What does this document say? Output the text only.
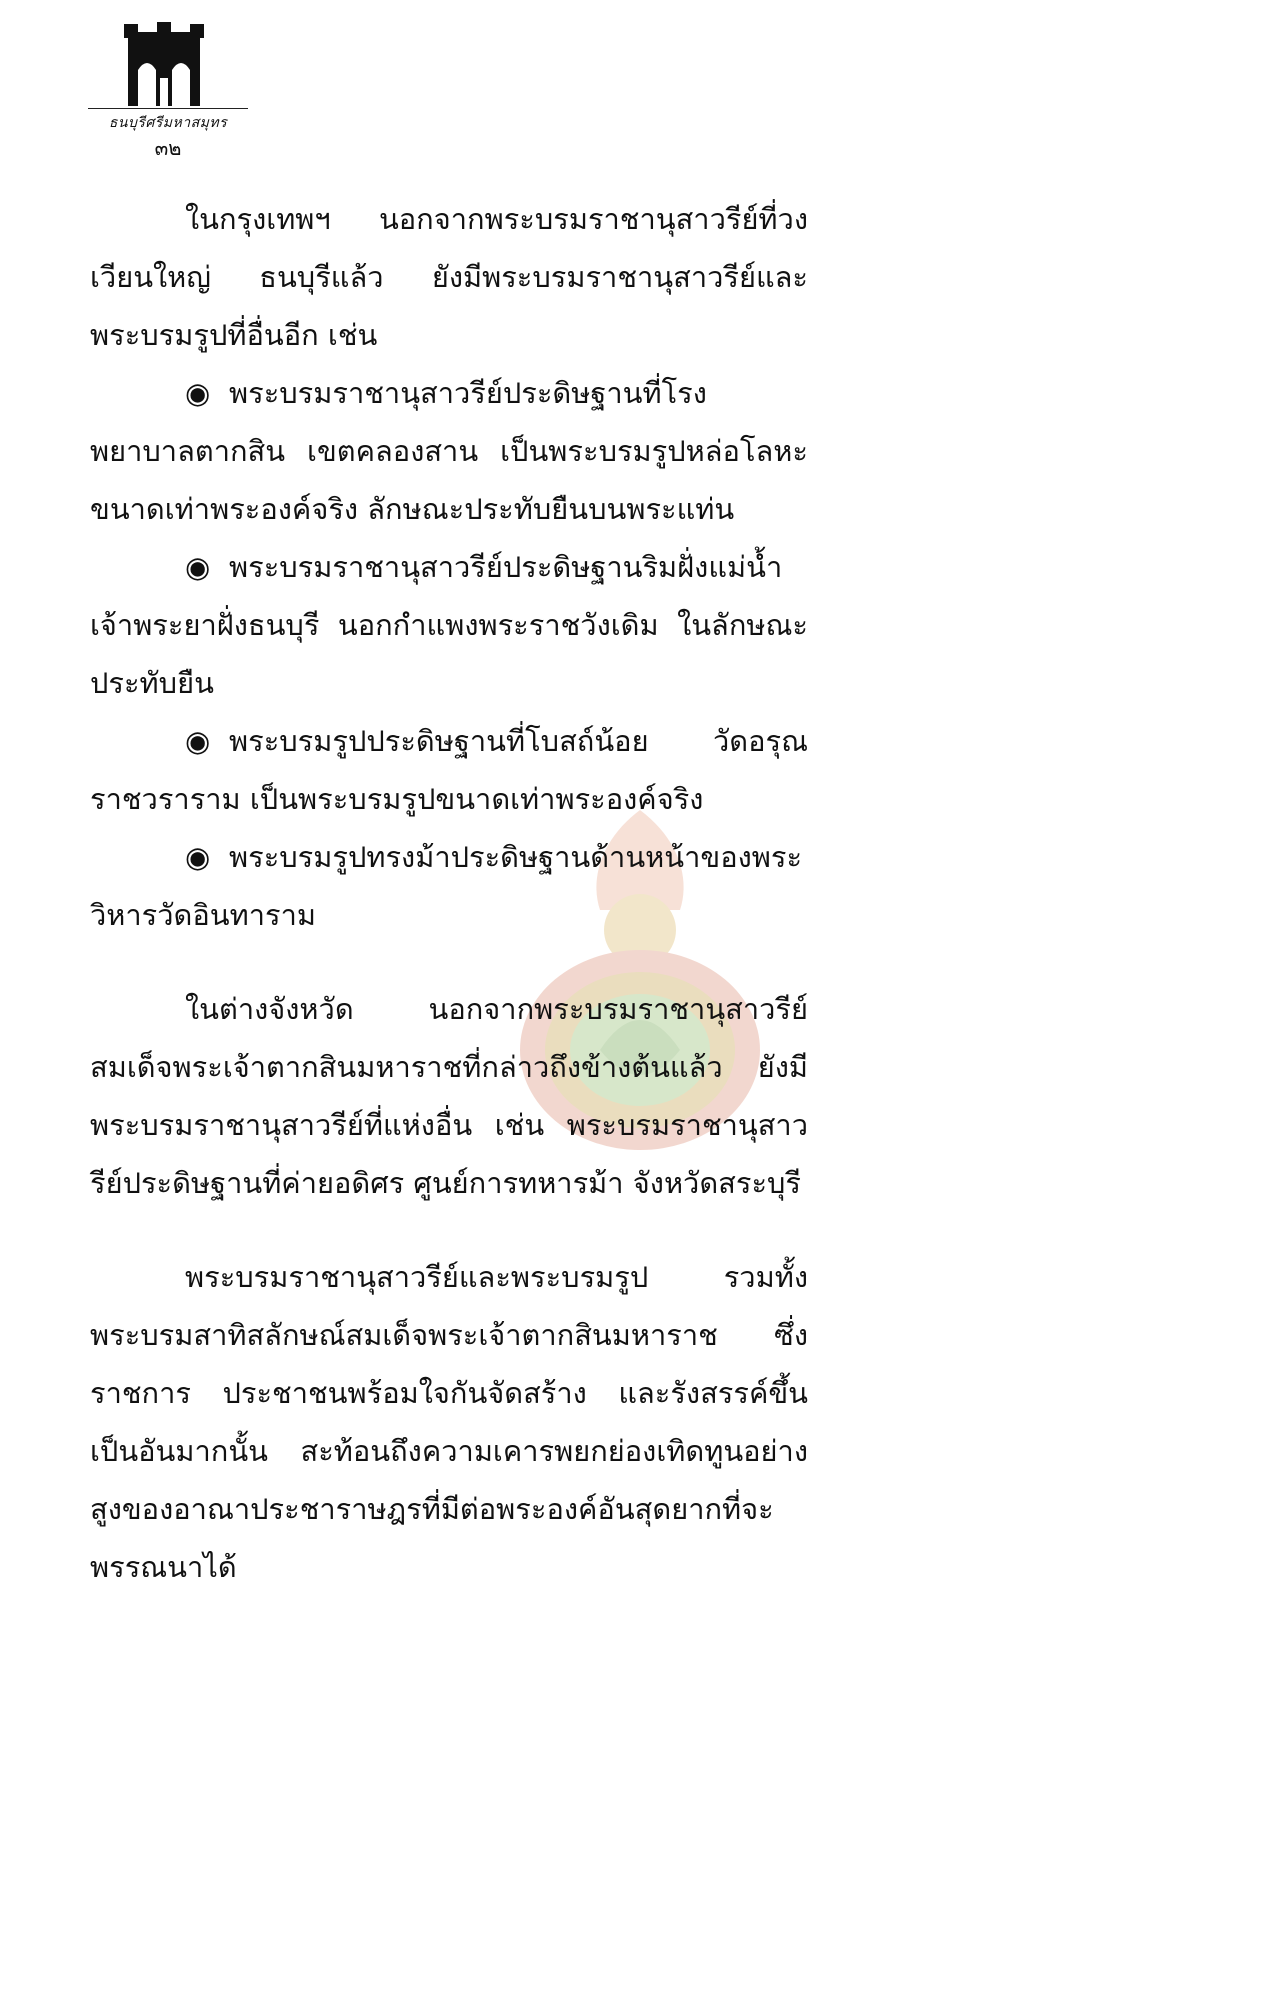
ธนบุรีศรีมหาสมุทร
๓๒

ในกรุงเทพฯ นอกจากพระบรมราชานุสาวรีย์ที่วงเวียนใหญ่ ธนบุรีแล้ว ยังมีพระบรมราชานุสาวรีย์และพระบรมรูปที่อื่นอีก เช่น

◉ พระบรมราชานุสาวรีย์ประดิษฐานที่โรงพยาบาลตากสิน เขตคลองสาน เป็นพระบรมรูปหล่อโลหะ ขนาดเท่าพระองค์จริง ลักษณะประทับยืนบนพระแท่น

◉ พระบรมราชานุสาวรีย์ประดิษฐานริมฝั่งแม่น้ำเจ้าพระยาฝั่งธนบุรี นอกกำแพงพระราชวังเดิม ในลักษณะประทับยืน

◉ พระบรมรูปประดิษฐานที่โบสถ์น้อย วัดอรุณราชวราราม เป็นพระบรมรูปขนาดเท่าพระองค์จริง

◉ พระบรมรูปทรงม้าประดิษฐานด้านหน้าของพระวิหารวัดอินทาราม

ในต่างจังหวัด นอกจากพระบรมราชานุสาวรีย์สมเด็จพระเจ้าตากสินมหาราชที่กล่าวถึงข้างต้นแล้ว ยังมีพระบรมราชานุสาวรีย์ที่แห่งอื่น เช่น พระบรมราชานุสาวรีย์ประดิษฐานที่ค่ายอดิศร ศูนย์การทหารม้า จังหวัดสระบุรี

พระบรมราชานุสาวรีย์และพระบรมรูป รวมทั้งพระบรมสาทิสลักษณ์สมเด็จพระเจ้าตากสินมหาราช ซึ่งราชการ ประชาชนพร้อมใจกันจัดสร้าง และรังสรรค์ขึ้นเป็นอันมากนั้น สะท้อนถึงความเคารพยกย่องเทิดทูนอย่างสูงของอาณาประชาราษฎรที่มีต่อพระองค์อันสุดยากที่จะพรรณนาได้
